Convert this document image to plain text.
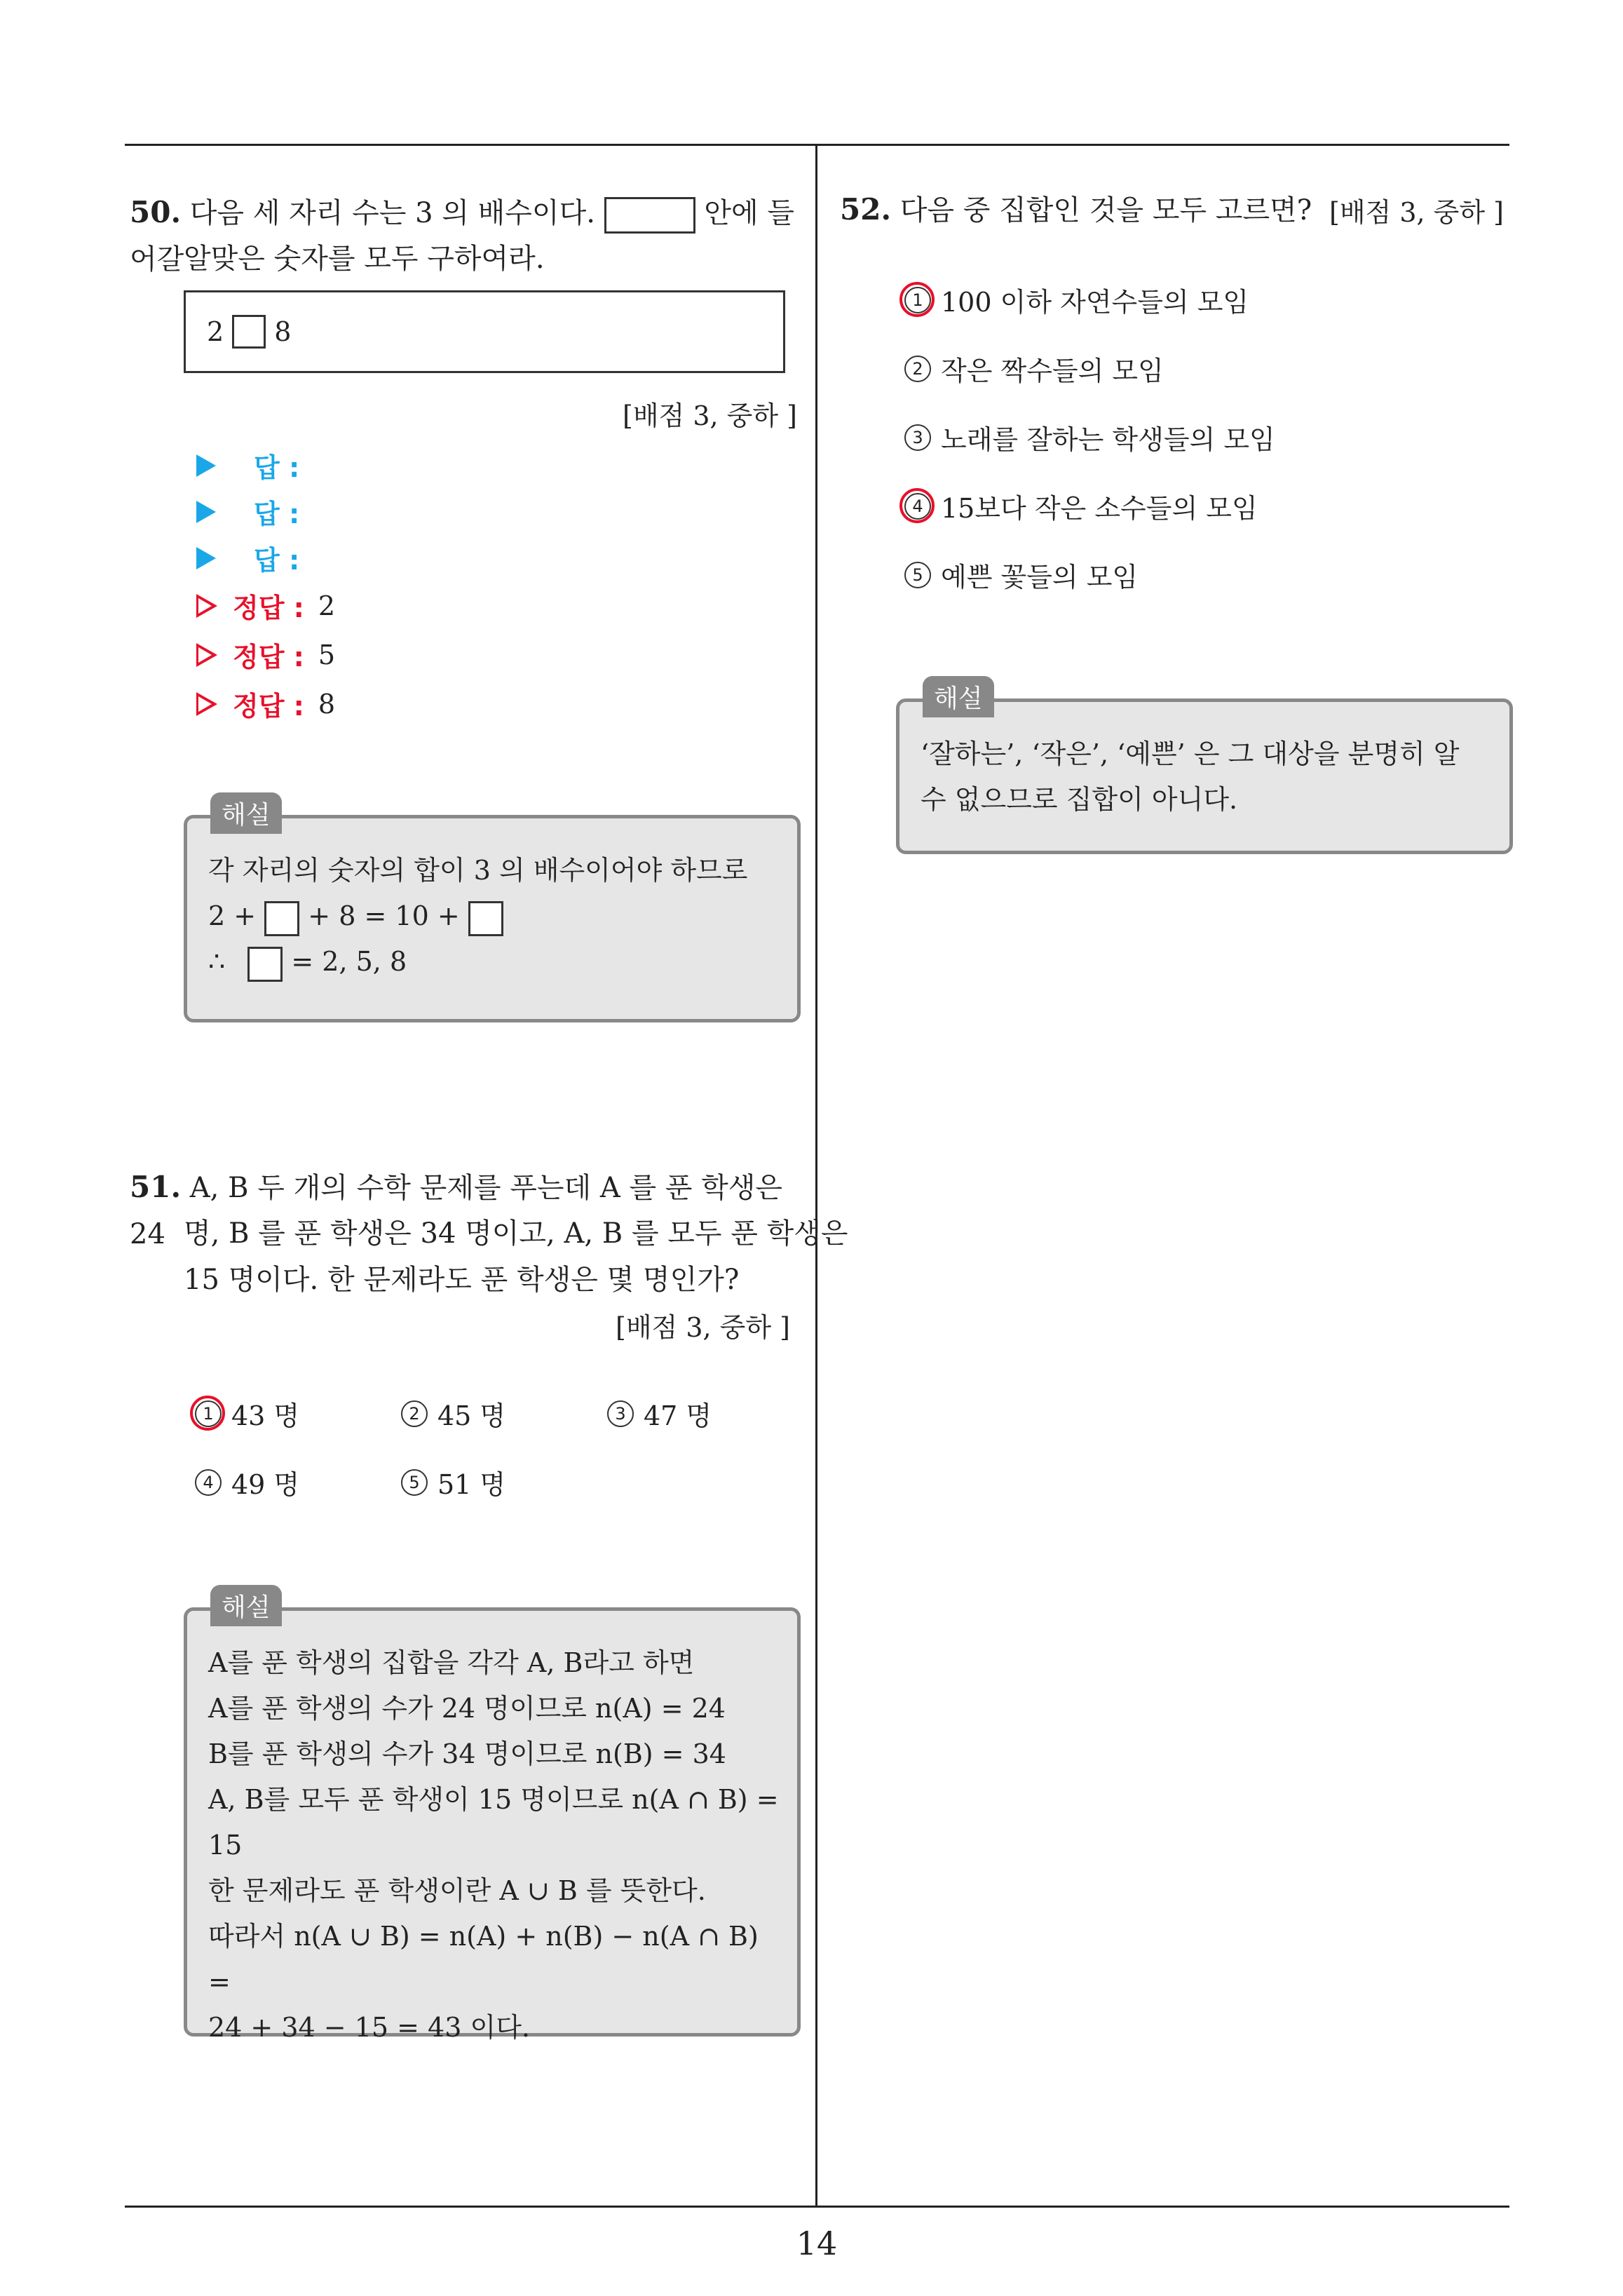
14
50. 다음 세 자리 수는 3 의 배수이다.	안에 들어갈 알맞은 숫자를 모두 구하여라.
2 8
[배점 3, 중하 ]
답 :
답 :
답 :
정답 : 2
정답 : 5
정답 : 8
각 자리의 숫자의 합이 3 의 배수이어야 하므로
2 + + 8 = 10 +
∴ = 2, 5, 8
해설
51. A, B 두 개의 수학 문제를 푸는데 A 를 푼 학생은 24 명, B 를 푼 학생은 34 명이고, A, B 를 모두 푼 학생은
15 명이다. 한 문제라도 푼 학생은 몇 명인가?
[배점 3, 중하 ]
1 43 명	2 45 명	3 47 명
4 49 명	5 51 명
A를 푼 학생의 집합을 각각 A, B라고 하면
A를 푼 학생의 수가 24 명이므로 n(A) = 24
B를 푼 학생의 수가 34 명이므로 n(B) = 34
A, B를 모두 푼 학생이 15 명이므로 n(A ∩ B) =
15
한 문제라도 푼 학생이란 A ∪ B 를 뜻한다.
따라서 n(A ∪ B) = n(A) + n(B) − n(A ∩ B) =
24 + 34 − 15 = 43 이다.
해설
52. 다음 중 집합인 것을 모두 고르면? [배점 3, 중하 ]
1 100 이하 자연수들의 모임
2 작은 짝수들의 모임
3 노래를 잘하는 학생들의 모임
4 15보다 작은 소수들의 모임
5 예쁜 꽃들의 모임
‘잘하는’, ‘작은’, ‘예쁜’ 은 그 대상을 분명히 알
수 없으므로 집합이 아니다.
해설
